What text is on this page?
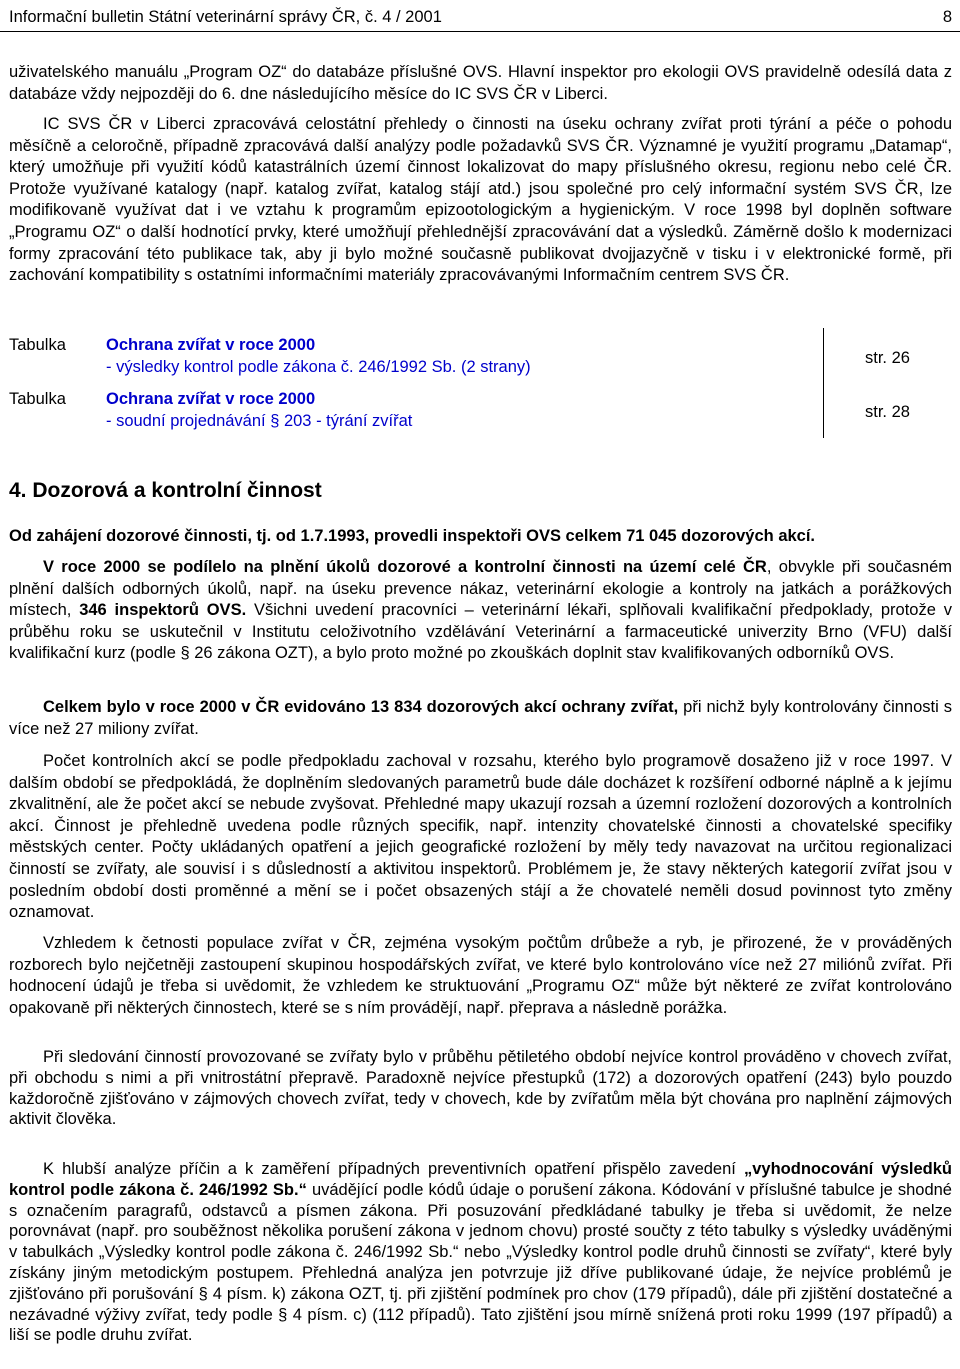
Informační bulletin Státní veterinární správy ČR, č. 4 / 2001	8
uživatelského manuálu „Program OZ“ do databáze příslušné OVS. Hlavní inspektor pro ekologii OVS pravidelně odesílá data z databáze vždy nejpozději do 6. dne následujícího měsíce do IC SVS ČR v Liberci.
IC SVS ČR v Liberci zpracovává celostátní přehledy o činnosti na úseku ochrany zvířat proti týrání a péče o pohodu měsíčně a celoročně, případně zpracovává další analýzy podle požadavků SVS ČR. Významné je využití programu „Datamap“, který umožňuje při využití kódů katastrálních území činnost lokalizovat do mapy příslušného okresu, regionu nebo celé ČR. Protože využívané katalogy (např. katalog zvířat, katalog stájí atd.) jsou společné pro celý informační systém SVS ČR, lze modifikovaně využívat dat i ve vztahu k programům epizootologickým a hygienickým. V roce 1998 byl doplněn software „Programu OZ“ o další hodnotící prvky, které umožňují přehlednější zpracovávání dat a výsledků. Záměrně došlo k modernizaci formy zpracování této publikace tak, aby ji bylo možné současně publikovat dvojjazyčně v tisku i v elektronické formě, při zachování kompatibility s ostatními informačními materiály zpracovávanými Informačním centrem SVS ČR.
Tabulka Ochrana zvířat v roce 2000
- výsledky kontrol podle zákona č. 246/1992 Sb. (2 strany)	str. 26
Tabulka Ochrana zvířat v roce 2000
- soudní projednávání § 203 - týrání zvířat	str. 28
4. Dozorová a kontrolní činnost
Od zahájení dozorové činnosti, tj. od 1.7.1993, provedli inspektoři OVS celkem 71 045 dozorových akcí.
V roce 2000 se podílelo na plnění úkolů dozorové a kontrolní činnosti na území celé ČR, obvykle při současném plnění dalších odborných úkolů, např. na úseku prevence nákaz, veterinární ekologie a kontroly na jatkách a porážkových místech, 346 inspektorů OVS. Všichni uvedení pracovníci – veterinární lékaři, splňovali kvalifikační předpoklady, protože v průběhu roku se uskutečnil v Institutu celoživotního vzdělávání Veterinární a farmaceutické univerzity Brno (VFU) další kvalifikační kurz (podle § 26 zákona OZT), a bylo proto možné po zkouškách doplnit stav kvalifikovaných odborníků OVS.
Celkem bylo v roce 2000 v ČR evidováno 13 834 dozorových akcí ochrany zvířat, při nichž byly kontrolovány činnosti s více než 27 miliony zvířat.
Počet kontrolních akcí se podle předpokladu zachoval v rozsahu, kterého bylo programově dosaženo již v roce 1997. V dalším období se předpokládá, že doplněním sledovaných parametrů bude dále docházet k rozšíření odborné náplně a k jejímu zkvalitnění, ale že počet akcí se nebude zvyšovat. Přehledné mapy ukazují rozsah a územní rozložení dozorových a kontrolních akcí. Činnost je přehledně uvedena podle různých specifik, např. intenzity chovatelské činnosti a chovatelské specifiky městských center. Počty ukládaných opatření a jejich geografické rozložení by měly tedy navazovat na určitou regionalizaci činností se zvířaty, ale souvisí i s důsledností a aktivitou inspektorů. Problémem je, že stavy některých kategorií zvířat jsou v posledním období dosti proměnné a mění se i počet obsazených stájí a že chovatelé neměli dosud povinnost tyto změny oznamovat.
Vzhledem k četnosti populace zvířat v ČR, zejména vysokým počtům drůbeže a ryb, je přirozené, že v prováděných rozborech bylo nejčetněji zastoupení skupinou hospodářských zvířat, ve které bylo kontrolováno více než 27 miliónů zvířat. Při hodnocení údajů je třeba si uvědomit, že vzhledem ke struktuování „Programu OZ“ může být některé ze zvířat kontrolováno opakovaně při některých činnostech, které se s ním provádějí, např. přeprava a následně porážka.
Při sledování činností provozované se zvířaty bylo v průběhu pětiletého období nejvíce kontrol prováděno v chovech zvířat, při obchodu s nimi a při vnitrostátní přepravě. Paradoxně nejvíce přestupků (172) a dozorových opatření (243) bylo pouzdo každoročně zjišťováno v zájmových chovech zvířat, tedy v chovech, kde by zvířatům měla být chována pro naplnění zájmových aktivit člověka.
K hlubší analýze příčin a k zaměření případných preventivních opatření přispělo zavedení „vyhodnocování výsledků kontrol podle zákona č. 246/1992 Sb.“ uvádějící podle kódů údaje o porušení zákona. Kódování v příslušné tabulce je shodné s označením paragrafů, odstavců a písmen zákona. Při posuzování předkládané tabulky je třeba si uvědomit, že nelze porovnávat (např. pro souběžnost několika porušení zákona v jednom chovu) prosté součty z této tabulky s výsledky uváděnými v tabulkách „Výsledky kontrol podle zákona č. 246/1992 Sb.“ nebo „Výsledky kontrol podle druhů činnosti se zvířaty“, které byly získány jiným metodickým postupem. Přehledná analýza jen potvrzuje již dříve publikované údaje, že nejvíce problémů je zjišťováno při porušování § 4 písm. k) zákona OZT, tj. při zjištění podmínek pro chov (179 případů), dále při zjištění dostatečné a nezávadné výživy zvířat, tedy podle § 4 písm. c) (112 případů). Tato zjištění jsou mírně snížená proti roku 1999 (197 případů) a liší se podle druhu zvířat.
